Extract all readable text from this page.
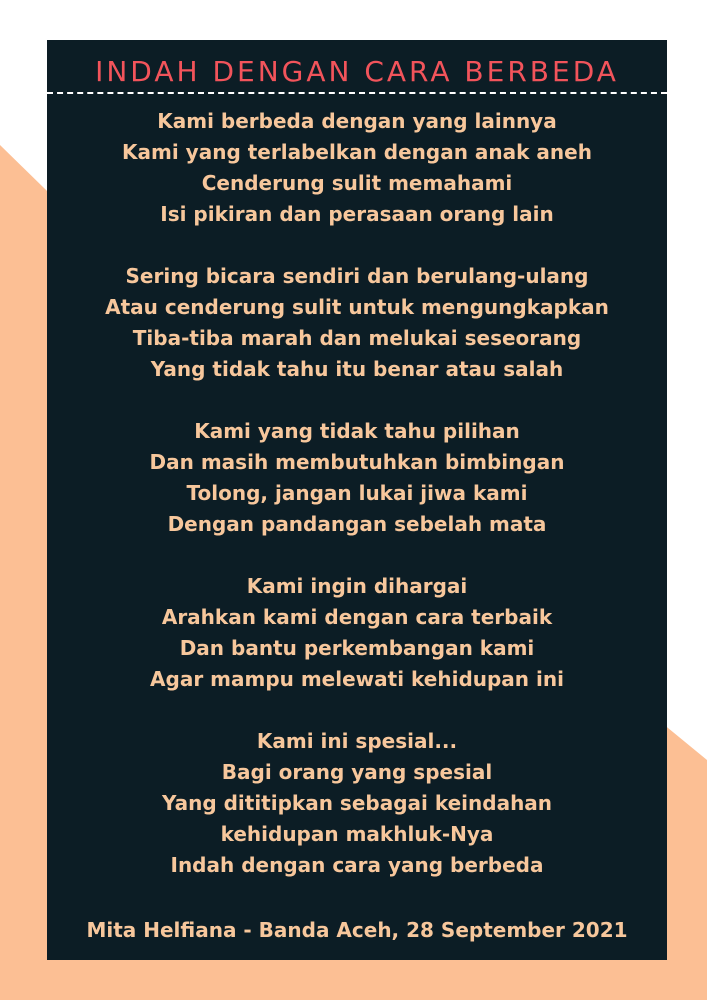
INDAH DENGAN CARA BERBEDA
Kami berbeda dengan yang lainnya
Kami yang terlabelkan dengan anak aneh
Cenderung sulit memahami
Isi pikiran dan perasaan orang lain
Sering bicara sendiri dan berulang-ulang
Atau cenderung sulit untuk mengungkapkan
Tiba-tiba marah dan melukai seseorang
Yang tidak tahu itu benar atau salah
Kami yang tidak tahu pilihan
Dan masih membutuhkan bimbingan
Tolong, jangan lukai jiwa kami
Dengan pandangan sebelah mata
Kami ingin dihargai
Arahkan kami dengan cara terbaik
Dan bantu perkembangan kami
Agar mampu melewati kehidupan ini
Kami ini spesial...
Bagi orang yang spesial
Yang dititipkan sebagai keindahan
kehidupan makhluk-Nya
Indah dengan cara yang berbeda
Mita Helfiana - Banda Aceh, 28 September 2021
